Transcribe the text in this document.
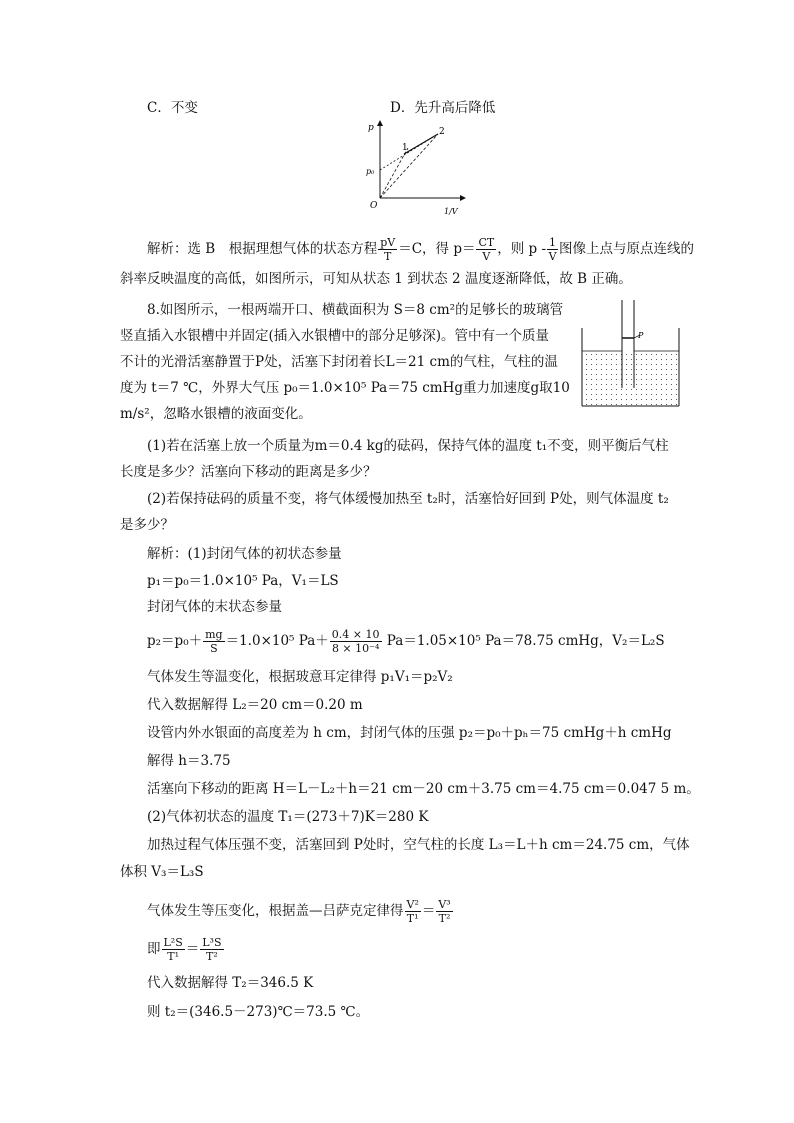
C．不变	D．先升高后降低
p
p₀
O
1/V
1
2
解析：选 B　根据理想气体的状态方程 $\frac{pV}{T} =C$，得 $p= \frac{CT}{V}$ ，则 p - $\frac{1}{V}$ 图像上点与原点连线的
斜率反映温度的高低，如图所示，可知从状态 1 到状态 2 温度逐渐降低，故 B 正确。
8.如图所示，一根两端开口、横截面积为 S＝8 cm²的足够长的玻璃管
竖直插入水银槽中并固定(插入水银槽中的部分足够深)。管中有一个质量
不计的光滑活塞静置于P处，活塞下封闭着长L＝21 cm的气柱，气柱的温
度为 t＝7 ℃，外界大气压 p₀＝1.0×10⁵ Pa＝75 cmHg重力加速度g取10
m/s²，忽略水银槽的液面变化。
P
(1)若在活塞上放一个质量为m＝0.4 kg的砝码，保持气体的温度 t₁不变，则平衡后气柱
长度是多少？活塞向下移动的距离是多少？
(2)若保持砝码的质量不变，将气体缓慢加热至 t₂时，活塞恰好回到 P处，则气体温度 t₂
是多少？
解析：(1)封闭气体的初状态参量
p₁＝p₀＝1.0×10⁵ Pa，V₁＝LS
封闭气体的末状态参量
$p_2=p_0+ \frac{mg}{S} =1.0\times 10^5$ $Pa+ \frac{0.4 \times 10}{\text{8 × 10⁻⁴}} Pa=1.05\times 10^5$ Pa＝78.75 cmHg，V₂＝L₂S
气体发生等温变化，根据玻意耳定律得 p₁V₁＝p₂V₂
代入数据解得 L₂＝20 cm＝0.20 m
设管内外水银面的高度差为 h cm，封闭气体的压强 p₂＝p₀＋pₕ＝75 cmHg＋h cmHg
解得 h＝3.75
活塞向下移动的距离 H＝L－L₂＋h＝21 cm－20 cm＋3.75 cm＝4.75 cm＝0.047 5 m。
(2)气体初状态的温度 T₁＝(273＋7)K＝280 K
加热过程气体压强不变，活塞回到 P处时，空气柱的长度 L₃＝L＋h cm＝24.75 cm，气体
体积 V₃＝L₃S
气体发生等压变化，根据盖—吕萨克定律得 $\frac{\text{V²}}{\text{T¹}} = \frac{\text{V³}}{\text{T²}}$
即 $\frac{\text{L²S}}{\text{T¹}} = \frac{\text{L³S}}{\text{T²}}$
代入数据解得 T₂＝346.5 K
则 t₂＝(346.5－273)℃＝73.5 ℃。
